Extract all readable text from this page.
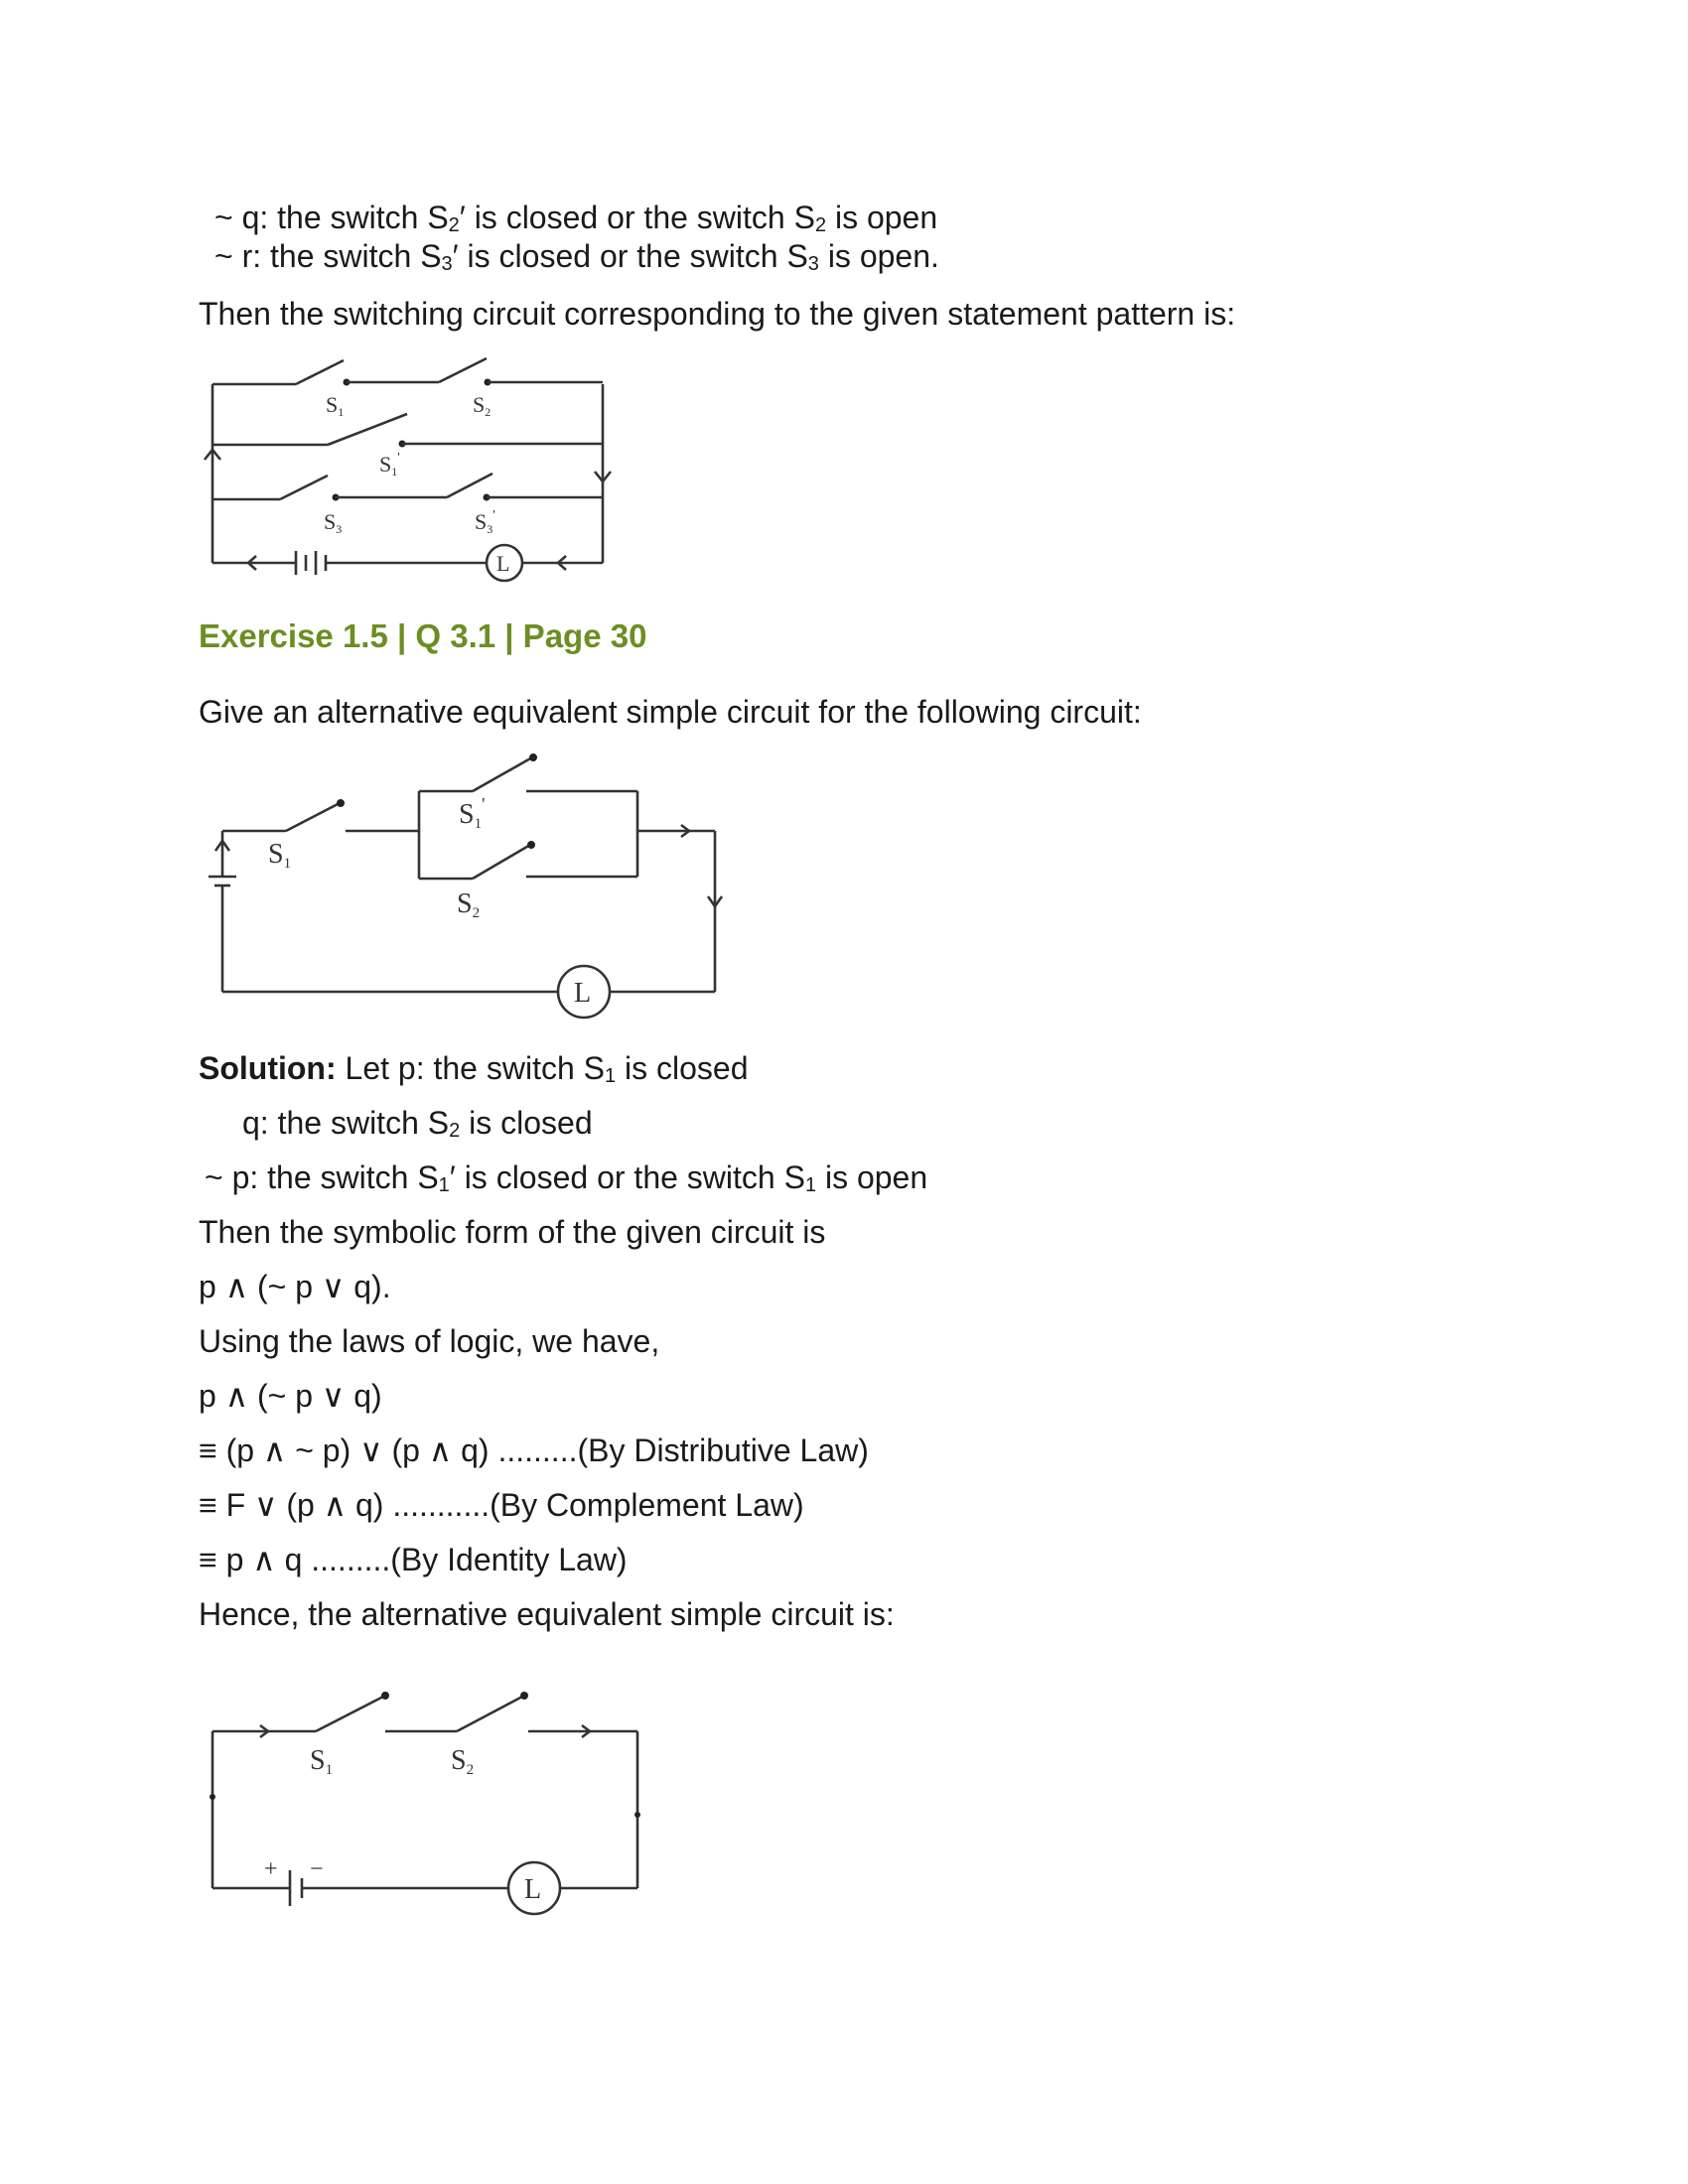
~ q: the switch $S_2'$ is closed or the switch $S_2$ is open
~ r: the switch $S_3'$ is closed or the switch $S_3$ is open.
Then the switching circuit corresponding to the given statement pattern is:
S1	S2
S1'
S3	S3'
L
Exercise 1.5 | Q 3.1 | Page 30
Give an alternative equivalent simple circuit for the following circuit:
S1
S1'
S2
L
Solution: Let p: the switch $S_1$ is closed
q: the switch $S_2$ is closed
~ p: the switch $S_1'$ is closed or the switch $S_1$ is open
Then the symbolic form of the given circuit is
p ∧ (~ p ∨ q).
Using the laws of logic, we have,
p ∧ (~ p ∨ q)
≡ (p ∧ ~ p) ∨ (p ∧ q) .........(By Distributive Law)
≡ F ∨ (p ∧ q) ...........(By Complement Law)
≡ p ∧ q .........(By Identity Law)
Hence, the alternative equivalent simple circuit is:
S1	S2
+ −
L
